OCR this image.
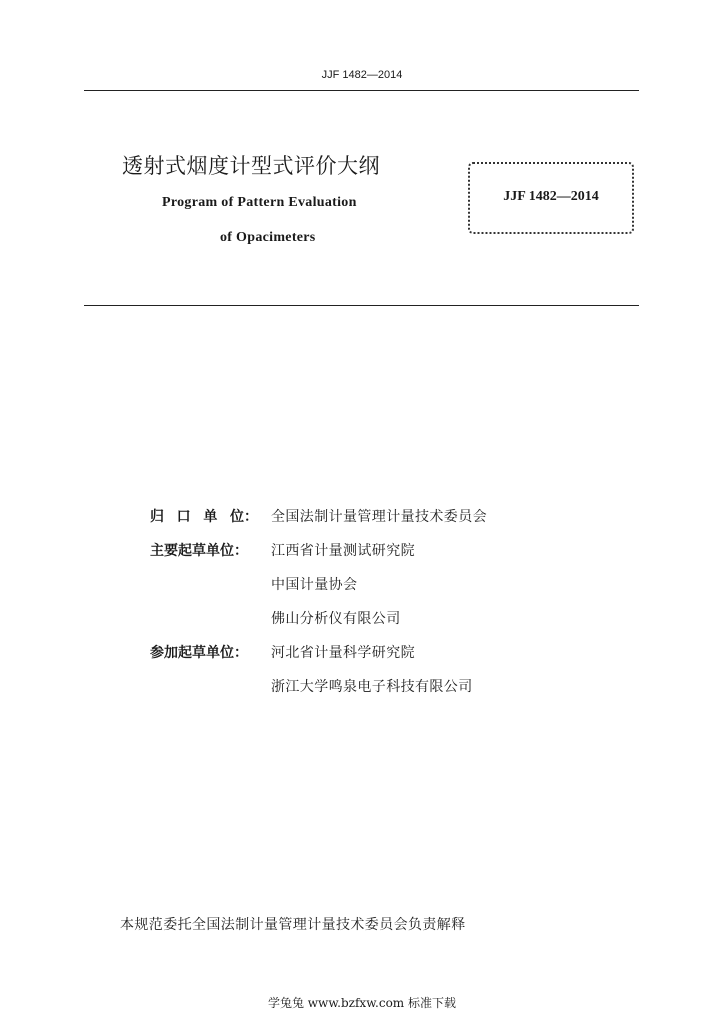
JJF 1482—2014
透射式烟度计型式评价大纲
Program of Pattern Evaluation
of Opacimeters
JJF 1482—2014
归 口 单 位： 全国法制计量管理计量技术委员会
主要起草单位： 江西省计量测试研究院
中国计量协会
佛山分析仪有限公司
参加起草单位： 河北省计量科学研究院
浙江大学鸣泉电子科技有限公司
本规范委托全国法制计量管理计量技术委员会负责解释
学兔兔 www.bzfxw.com 标准下载
